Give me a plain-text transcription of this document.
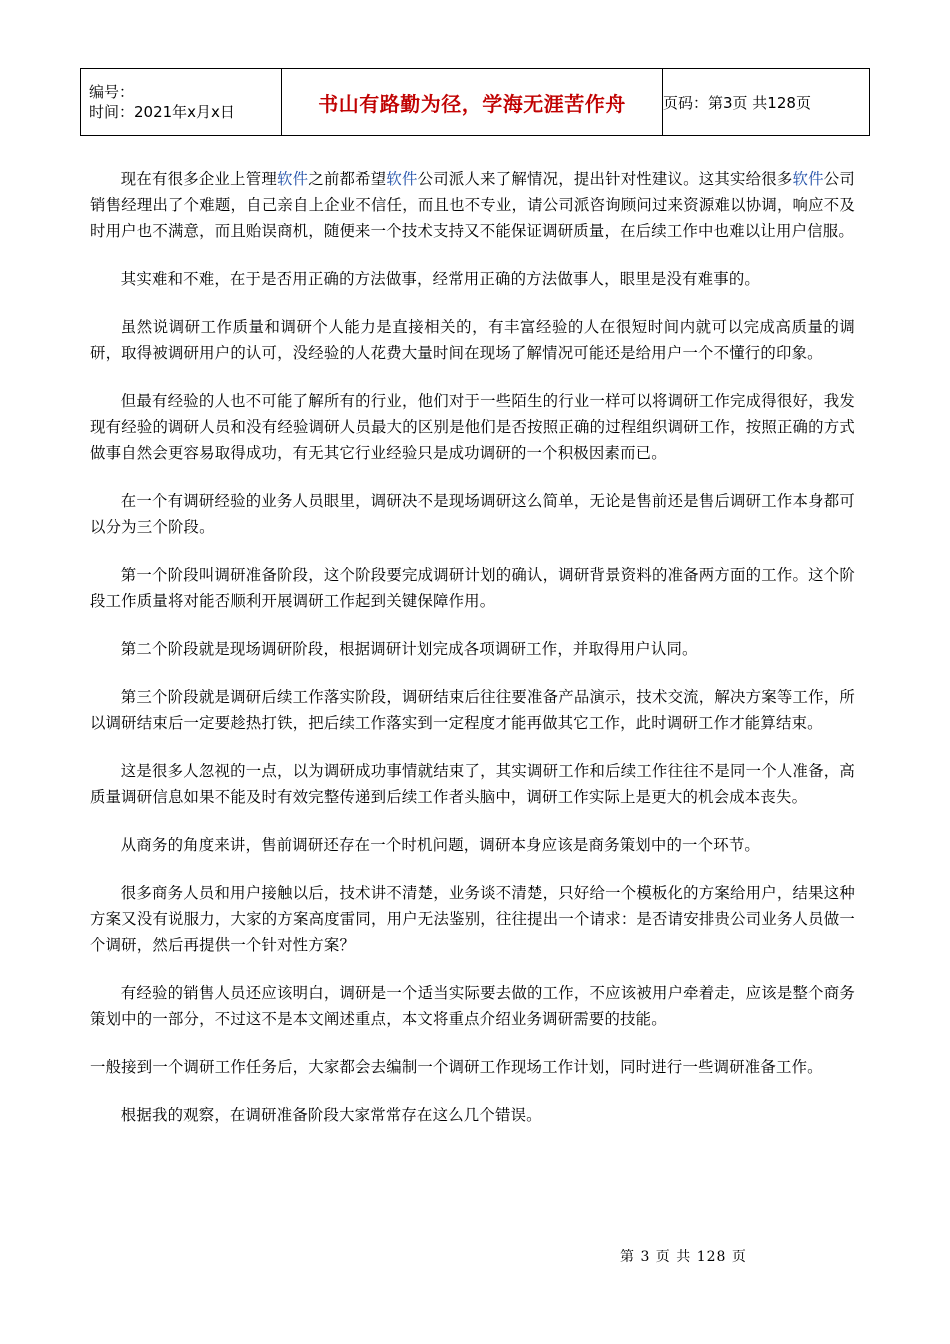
编号：
时间：2021年x月x日	书山有路勤为径，学海无涯苦作舟	页码：第3页 共128页

现在有很多企业上管理软件之前都希望软件公司派人来了解情况，提出针对性建议。这其实给很多软件公司销售经理出了个难题，自己亲自上企业不信任，而且也不专业，请公司派咨询顾问过来资源难以协调，响应不及时用户也不满意，而且贻误商机，随便来一个技术支持又不能保证调研质量，在后续工作中也难以让用户信服。

其实难和不难，在于是否用正确的方法做事，经常用正确的方法做事人，眼里是没有难事的。

虽然说调研工作质量和调研个人能力是直接相关的，有丰富经验的人在很短时间内就可以完成高质量的调研，取得被调研用户的认可，没经验的人花费大量时间在现场了解情况可能还是给用户一个不懂行的印象。

但最有经验的人也不可能了解所有的行业，他们对于一些陌生的行业一样可以将调研工作完成得很好，我发现有经验的调研人员和没有经验调研人员最大的区别是他们是否按照正确的过程组织调研工作，按照正确的方式做事自然会更容易取得成功，有无其它行业经验只是成功调研的一个积极因素而已。

在一个有调研经验的业务人员眼里，调研决不是现场调研这么简单，无论是售前还是售后调研工作本身都可以分为三个阶段。

第一个阶段叫调研准备阶段，这个阶段要完成调研计划的确认，调研背景资料的准备两方面的工作。这个阶段工作质量将对能否顺利开展调研工作起到关键保障作用。

第二个阶段就是现场调研阶段，根据调研计划完成各项调研工作，并取得用户认同。

第三个阶段就是调研后续工作落实阶段，调研结束后往往要准备产品演示，技术交流，解决方案等工作，所以调研结束后一定要趁热打铁，把后续工作落实到一定程度才能再做其它工作，此时调研工作才能算结束。

这是很多人忽视的一点，以为调研成功事情就结束了，其实调研工作和后续工作往往不是同一个人准备，高质量调研信息如果不能及时有效完整传递到后续工作者头脑中，调研工作实际上是更大的机会成本丧失。

从商务的角度来讲，售前调研还存在一个时机问题，调研本身应该是商务策划中的一个环节。

很多商务人员和用户接触以后，技术讲不清楚，业务谈不清楚，只好给一个模板化的方案给用户，结果这种方案又没有说服力，大家的方案高度雷同，用户无法鉴别，往往提出一个请求：是否请安排贵公司业务人员做一个调研，然后再提供一个针对性方案？

有经验的销售人员还应该明白，调研是一个适当实际要去做的工作，不应该被用户牵着走，应该是整个商务策划中的一部分，不过这不是本文阐述重点，本文将重点介绍业务调研需要的技能。

一般接到一个调研工作任务后，大家都会去编制一个调研工作现场工作计划，同时进行一些调研准备工作。

根据我的观察，在调研准备阶段大家常常存在这么几个错误。

第 3 页 共 128 页
